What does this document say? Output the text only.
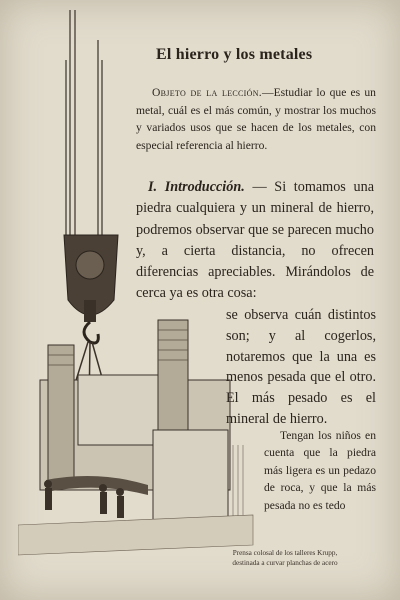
El hierro y los metales

Objeto de la lección.—Estudiar lo que es un metal, cuál es el más común, y mostrar los muchos y variados usos que se hacen de los metales, con especial referencia al hierro.

I. Introducción. — Si tomamos una piedra cualquiera y un mineral de hierro, podremos observar que se parecen mucho y, a cierta distancia, no ofrecen diferencias apreciables. Mirándolos de cerca ya es otra cosa:

se observa cuán distintos son; y al cogerlos, notaremos que la una es menos pesada que el otro. El más pesado es el mineral de hierro.

Tengan los niños en cuenta que la piedra más ligera es un pedazo de roca, y que la más pesada no es tedo

Prensa colosal de los talleres Krupp,
destinada a curvar planchas de acero
